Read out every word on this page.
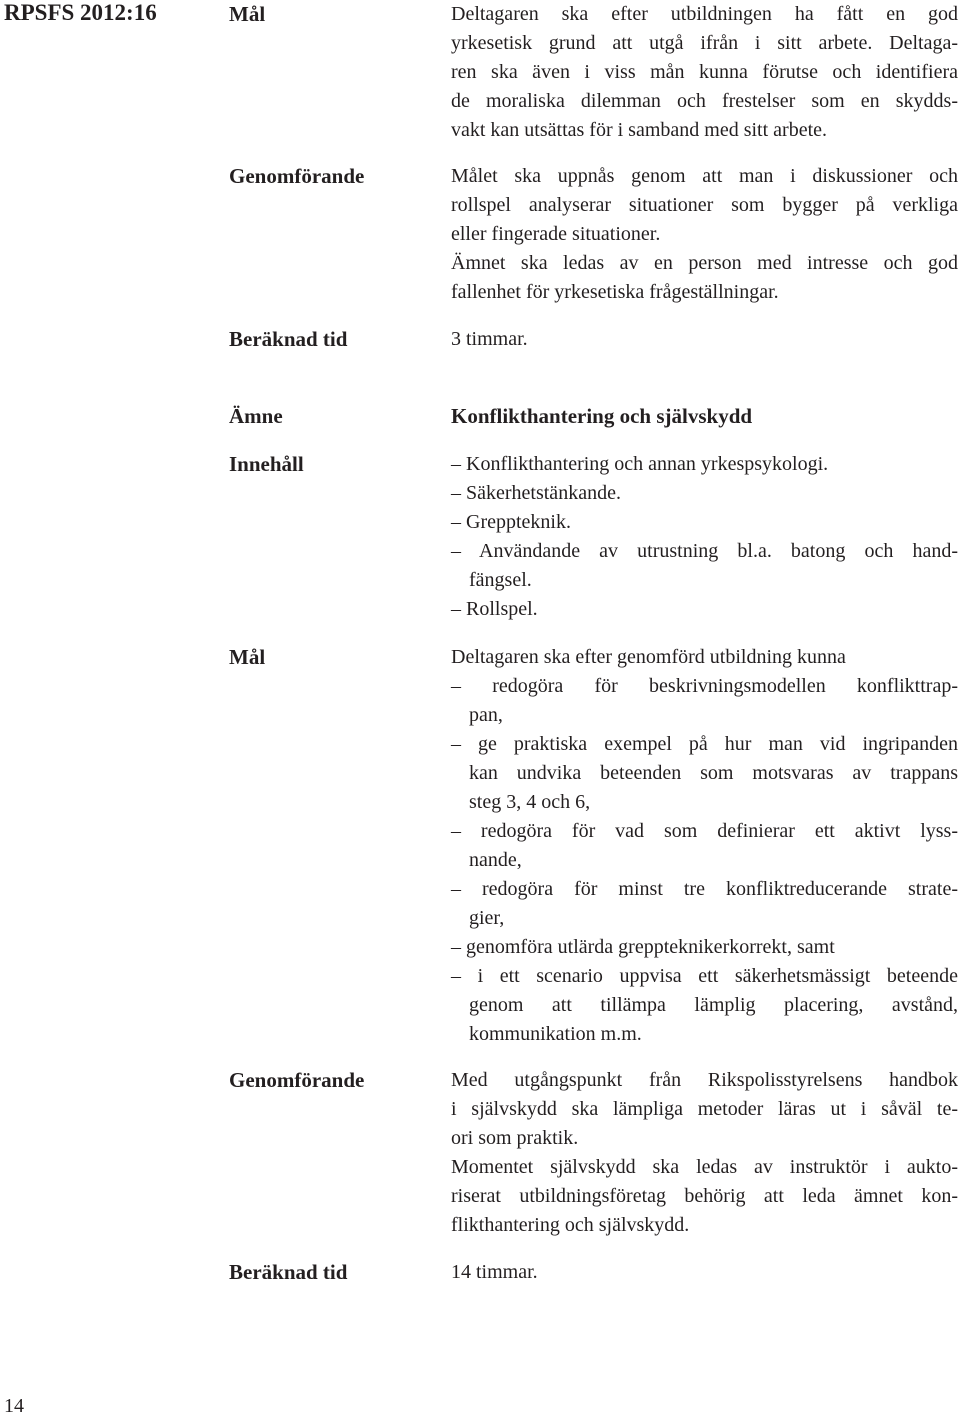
RPSFS 2012:16	Mål	Deltagaren ska efter utbildningen ha fått en god
yrkesetisk grund att utgå ifrån i sitt arbete. Deltaga-
ren ska även i viss mån kunna förutse och identifiera
de moraliska dilemman och frestelser som en skydds-
vakt kan utsättas för i samband med sitt arbete.
Genomförande	Målet ska uppnås genom att man i diskussioner och
rollspel analyserar situationer som bygger på verkliga
eller fingerade situationer.
Ämnet ska ledas av en person med intresse och god
fallenhet för yrkesetiska frågeställningar.
Beräknad tid	3 timmar.
Ämne	Konflikthantering och självskydd
Innehåll	– Konflikthantering och annan yrkespsykologi.
– Säkerhetstänkande.
– Greppteknik.
– Användande av utrustning bl.a. batong och hand-
fängsel.
– Rollspel.
Mål	Deltagaren ska efter genomförd utbildning kunna
– redogöra för beskrivningsmodellen konflikttrap-
pan,
– ge praktiska exempel på hur man vid ingripanden
kan undvika beteenden som motsvaras av trappans
steg 3, 4 och 6,
– redogöra för vad som definierar ett aktivt lyss-
nande,
– redogöra för minst tre konfliktreducerande strate-
gier,
– genomföra utlärda greppteknikerkorrekt, samt
– i ett scenario uppvisa ett säkerhetsmässigt beteende
genom att tillämpa lämplig placering, avstånd,
kommunikation m.m.
Genomförande	Med utgångspunkt från Rikspolisstyrelsens handbok
i självskydd ska lämpliga metoder läras ut i såväl te-
ori som praktik.
Momentet självskydd ska ledas av instruktör i aukto-
riserat utbildningsföretag behörig att leda ämnet kon-
flikthantering och självskydd.
Beräknad tid	14 timmar.
14
